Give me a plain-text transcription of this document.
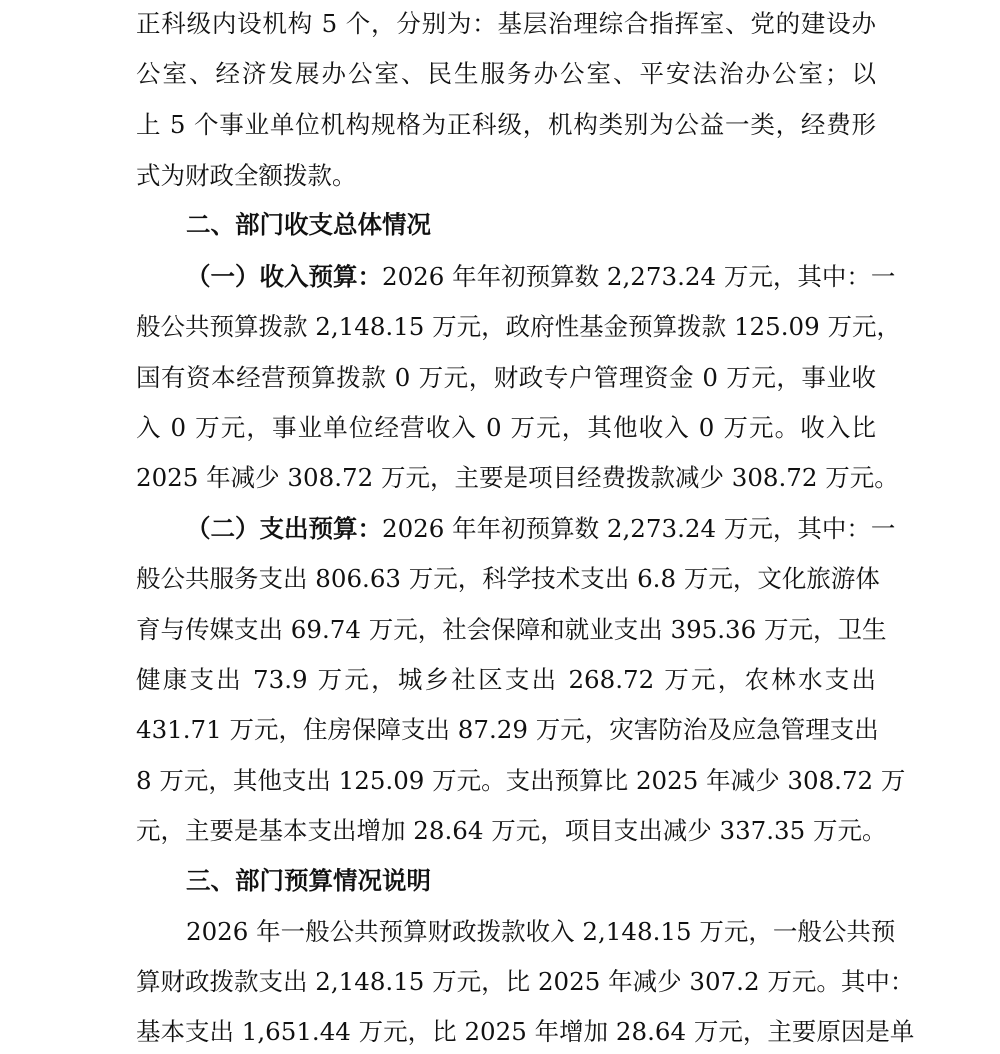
正科级内设机构 5 个，分别为：基层治理综合指挥室、党的建设办
公室、经济发展办公室、民生服务办公室、平安法治办公室；以
上 5 个事业单位机构规格为正科级，机构类别为公益一类，经费形
式为财政全额拨款。
二、部门收支总体情况
（一）收入预算：2026 年年初预算数 2,273.24 万元，其中：一
般公共预算拨款 2,148.15 万元，政府性基金预算拨款 125.09 万元，
国有资本经营预算拨款 0 万元，财政专户管理资金 0 万元，事业收
入 0 万元，事业单位经营收入 0 万元，其他收入 0 万元。收入比
2025 年减少 308.72 万元，主要是项目经费拨款减少 308.72 万元。
（二）支出预算：2026 年年初预算数 2,273.24 万元，其中：一
般公共服务支出 806.63 万元，科学技术支出 6.8 万元，文化旅游体
育与传媒支出 69.74 万元，社会保障和就业支出 395.36 万元，卫生
健康支出 73.9 万元，城乡社区支出 268.72 万元，农林水支出
431.71 万元，住房保障支出 87.29 万元，灾害防治及应急管理支出
8 万元，其他支出 125.09 万元。支出预算比 2025 年减少 308.72 万
元，主要是基本支出增加 28.64 万元，项目支出减少 337.35 万元。
三、部门预算情况说明
2026 年一般公共预算财政拨款收入 2,148.15 万元，一般公共预
算财政拨款支出 2,148.15 万元，比 2025 年减少 307.2 万元。其中：
基本支出 1,651.44 万元，比 2025 年增加 28.64 万元，主要原因是单
